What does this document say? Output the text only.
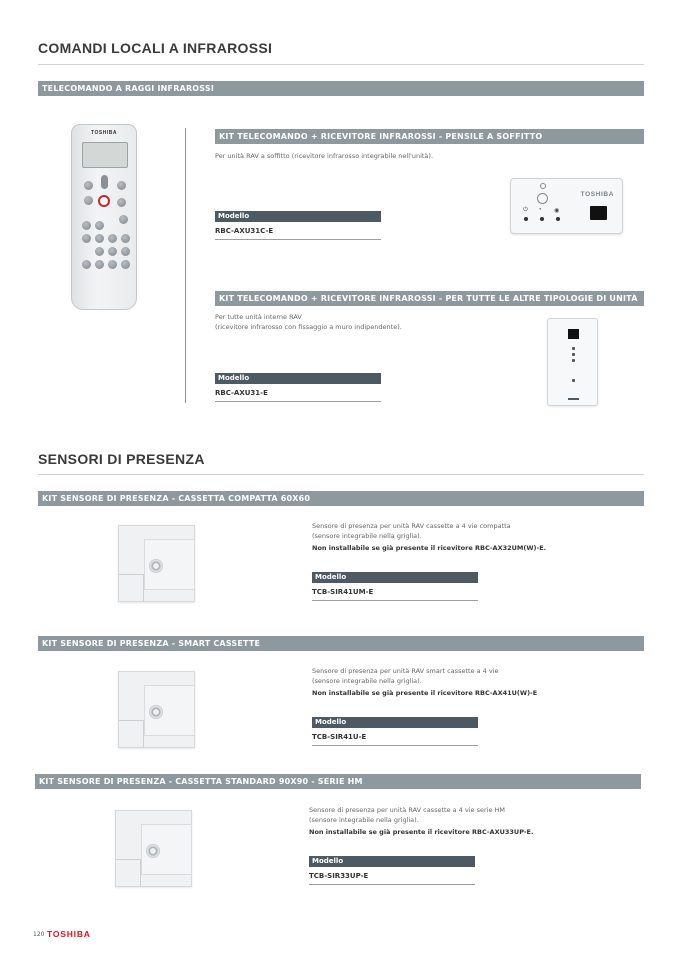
COMANDI LOCALI A INFRAROSSI
TELECOMANDO A RAGGI INFRAROSSI
TOSHIBA	KIT TELECOMANDO + RICEVITORE INFRAROSSI - PENSILE A SOFFITTO
Per unità RAV a soffitto (ricevitore infrarosso integrabile nell'unità).
Modello
RBC-AXU31C-E
TOSHIBA
⏻ ◔ ◉
KIT TELECOMANDO + RICEVITORE INFRAROSSI - PER TUTTE LE ALTRE TIPOLOGIE DI UNITÀ
Per tutte unità interne RAV
(ricevitore infrarosso con fissaggio a muro indipendente).
Modello
RBC-AXU31-E
SENSORI DI PRESENZA
KIT SENSORE DI PRESENZA - CASSETTA COMPATTA 60X60
Sensore di presenza per unità RAV cassette a 4 vie compatta
(sensore integrabile nella griglia).
Non installabile se già presente il ricevitore RBC-AX32UM(W)-E.
Modello
TCB-SIR41UM-E
KIT SENSORE DI PRESENZA - SMART CASSETTE
Sensore di presenza per unità RAV smart cassette a 4 vie
(sensore integrabile nella griglia).
Non installabile se già presente il ricevitore RBC-AX41U(W)-E
Modello
TCB-SIR41U-E
KIT SENSORE DI PRESENZA - CASSETTA STANDARD 90X90 - SERIE HM
Sensore di presenza per unità RAV cassette a 4 vie serie HM
(sensore integrabile nella griglia).
Non installabile se già presente il ricevitore RBC-AXU33UP-E.
Modello
TCB-SIR33UP-E
120 TOSHIBA
